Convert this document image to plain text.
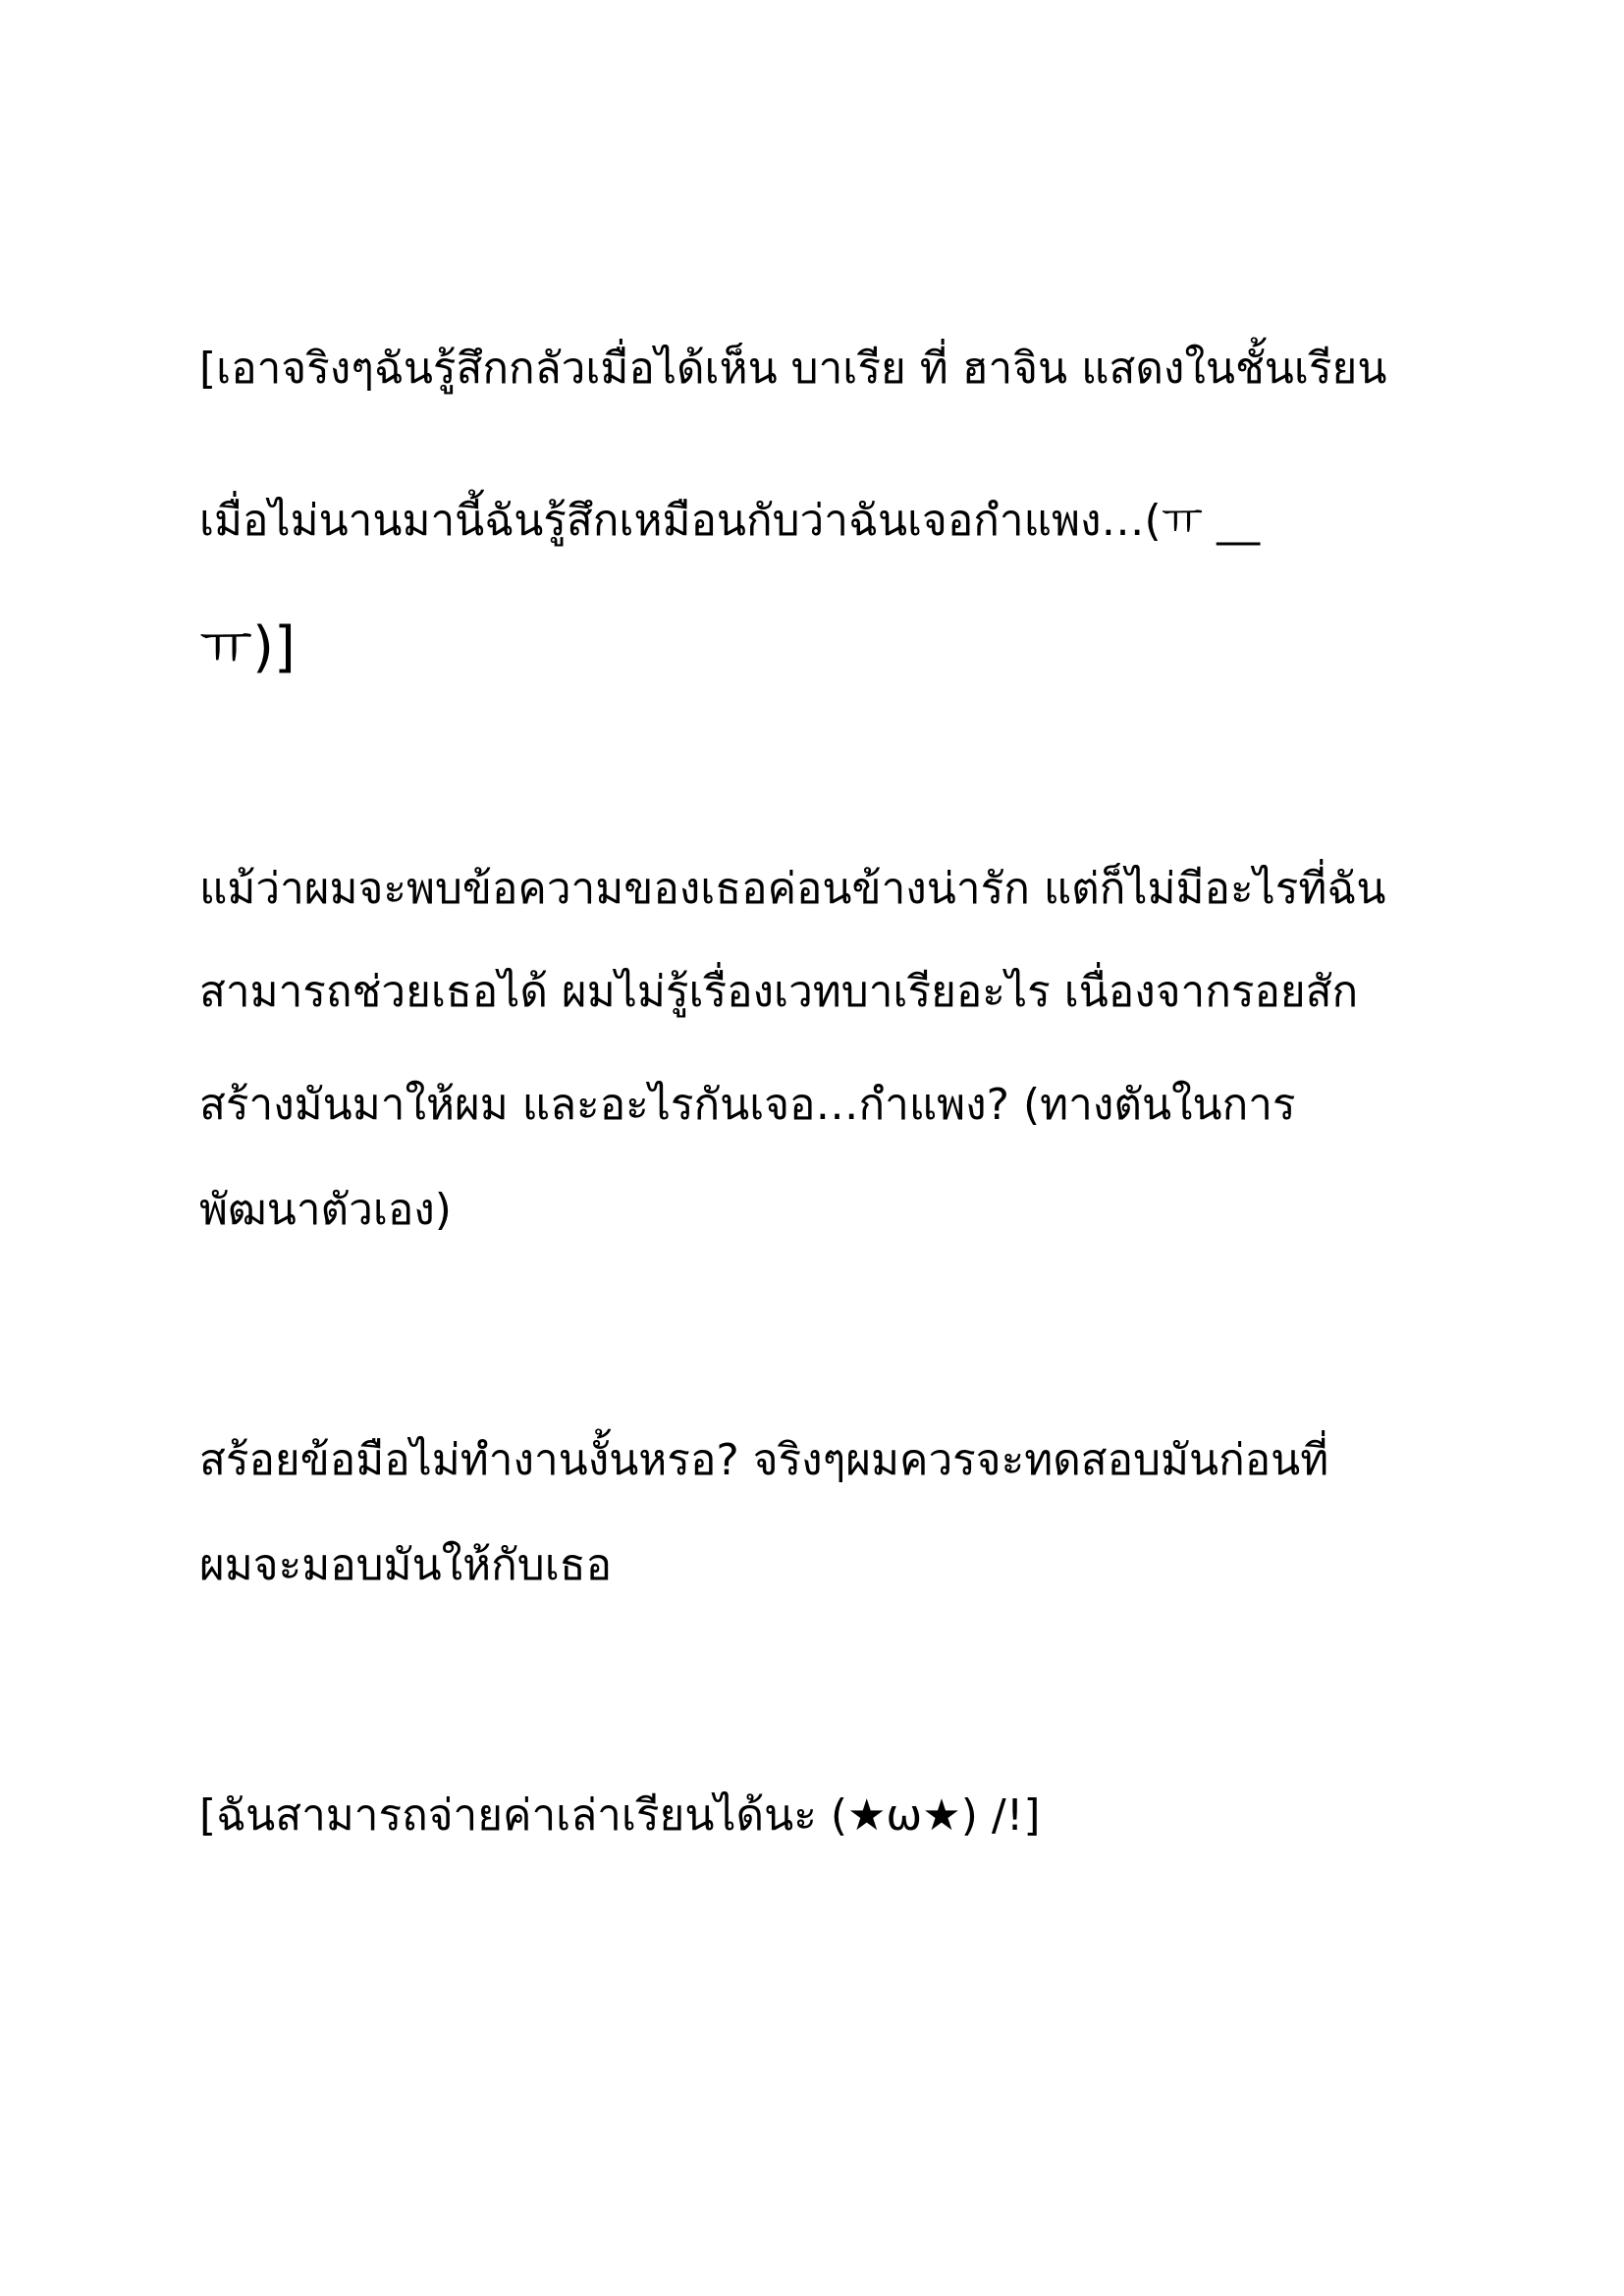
[เอาจริงๆฉันรู้สึกกลัวเมื่อได้เห็น บาเรีย ที่ ฮาจิน แสดงในชั้นเรียน

เมื่อไม่นานมานี้ฉันรู้สึกเหมือนกับว่าฉันเจอกำแพง…(ㅠ __

ㅠ)]

แม้ว่าผมจะพบข้อความของเธอค่อนข้างน่ารัก แต่ก็ไม่มีอะไรที่ฉัน

สามารถช่วยเธอได้ ผมไม่รู้เรื่องเวทบาเรียอะไร เนื่องจากรอยสัก

สร้างมันมาให้ผม และอะไรกันเจอ…กำแพง? (ทางตันในการ

พัฒนาตัวเอง)

สร้อยข้อมือไม่ทำงานงั้นหรอ? จริงๆผมควรจะทดสอบมันก่อนที่

ผมจะมอบมันให้กับเธอ

[ฉันสามารถจ่ายค่าเล่าเรียนได้นะ (★ω★) /!]
